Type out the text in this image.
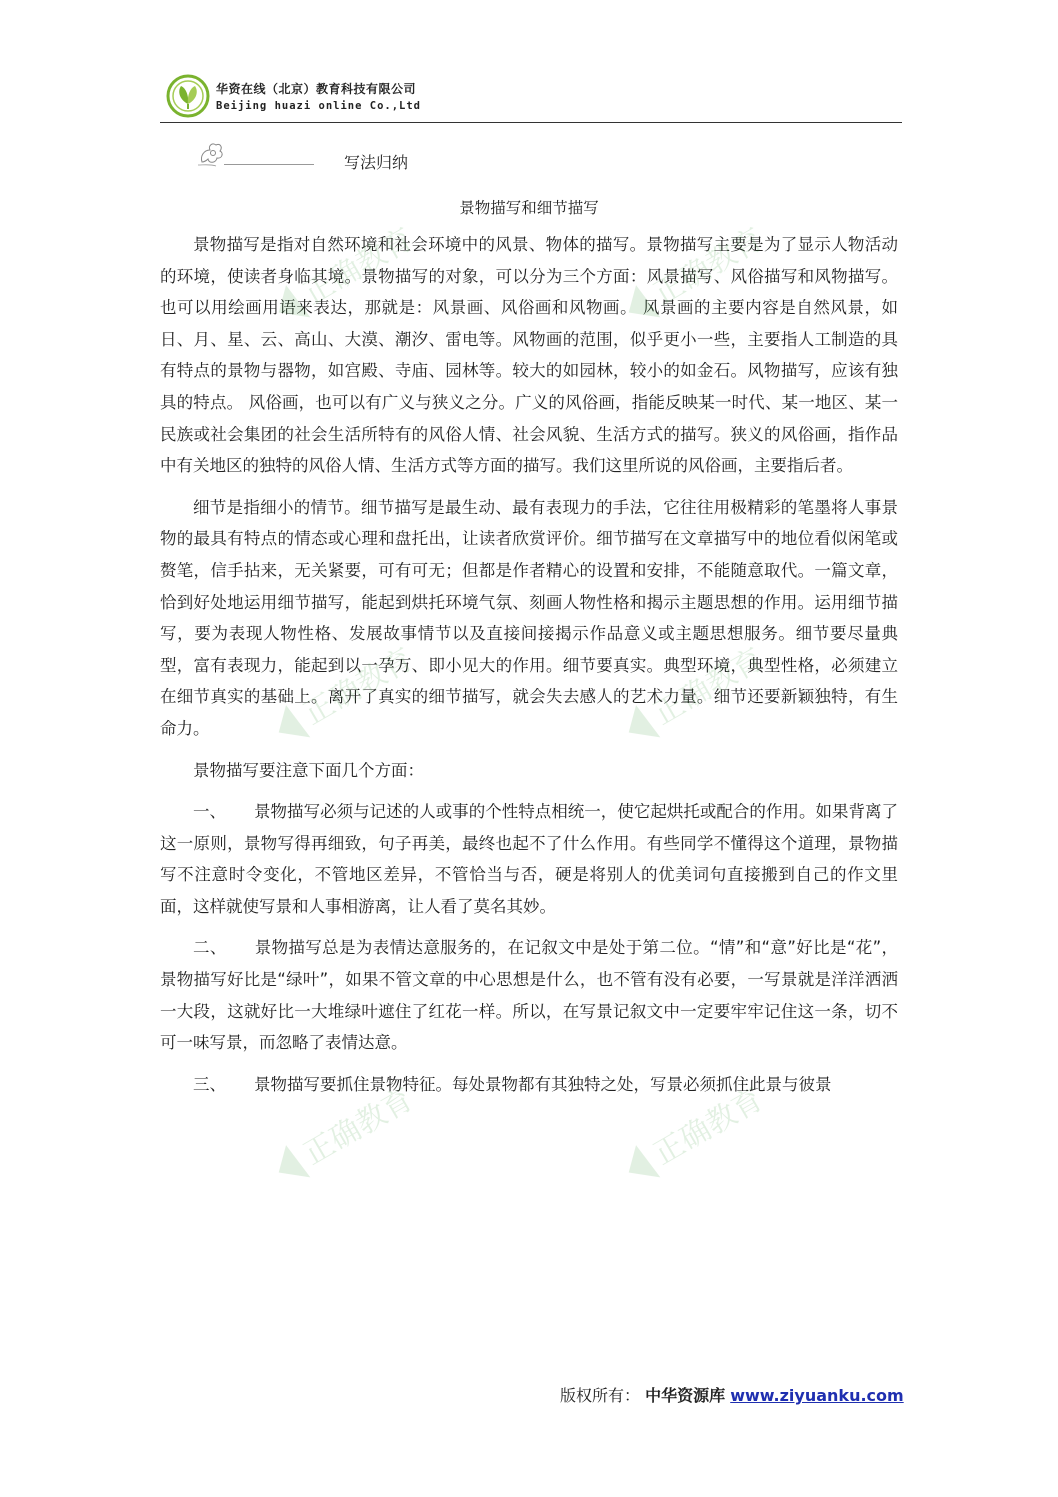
华资在线（北京）教育科技有限公司
Beijing huazi online Co.,Ltd
写法归纳
景物描写和细节描写

景物描写是指对自然环境和社会环境中的风景、物体的描写。景物描写主要是为了显示人物活动的环境，使读者身临其境。景物描写的对象，可以分为三个方面：风景描写、风俗描写和风物描写。也可以用绘画用语来表达，那就是：风景画、风俗画和风物画。 风景画的主要内容是自然风景，如日、月、星、云、高山、大漠、潮汐、雷电等。风物画的范围，似乎更小一些，主要指人工制造的具有特点的景物与器物，如宫殿、寺庙、园林等。较大的如园林，较小的如金石。风物描写，应该有独具的特点。 风俗画，也可以有广义与狭义之分。广义的风俗画，指能反映某一时代、某一地区、某一民族或社会集团的社会生活所特有的风俗人情、社会风貌、生活方式的描写。狭义的风俗画，指作品中有关地区的独特的风俗人情、生活方式等方面的描写。我们这里所说的风俗画，主要指后者。

细节是指细小的情节。细节描写是最生动、最有表现力的手法，它往往用极精彩的笔墨将人事景物的最具有特点的情态或心理和盘托出，让读者欣赏评价。细节描写在文章描写中的地位看似闲笔或赘笔，信手拈来，无关紧要，可有可无；但都是作者精心的设置和安排，不能随意取代。一篇文章，恰到好处地运用细节描写，能起到烘托环境气氛、刻画人物性格和揭示主题思想的作用。运用细节描写，要为表现人物性格、发展故事情节以及直接间接揭示作品意义或主题思想服务。细节要尽量典型，富有表现力，能起到以一孕万、即小见大的作用。细节要真实。典型环境，典型性格，必须建立在细节真实的基础上。离开了真实的细节描写，就会失去感人的艺术力量。细节还要新颖独特，有生命力。

景物描写要注意下面几个方面：

一、 景物描写必须与记述的人或事的个性特点相统一，使它起烘托或配合的作用。如果背离了这一原则，景物写得再细致，句子再美，最终也起不了什么作用。有些同学不懂得这个道理，景物描写不注意时令变化，不管地区差异，不管恰当与否，硬是将别人的优美词句直接搬到自己的作文里面，这样就使写景和人事相游离，让人看了莫名其妙。

二、 景物描写总是为表情达意服务的，在记叙文中是处于第二位。“情”和“意”好比是“花”，景物描写好比是“绿叶”，如果不管文章的中心思想是什么，也不管有没有必要，一写景就是洋洋洒洒一大段，这就好比一大堆绿叶遮住了红花一样。所以，在写景记叙文中一定要牢牢记住这一条，切不可一味写景，而忽略了表情达意。

三、 景物描写要抓住景物特征。每处景物都有其独特之处，写景必须抓住此景与彼景

正确教育	正确教育
正确教育	正确教育
正确教育	正确教育
版权所有： 中华资源库 www.ziyuanku.com
